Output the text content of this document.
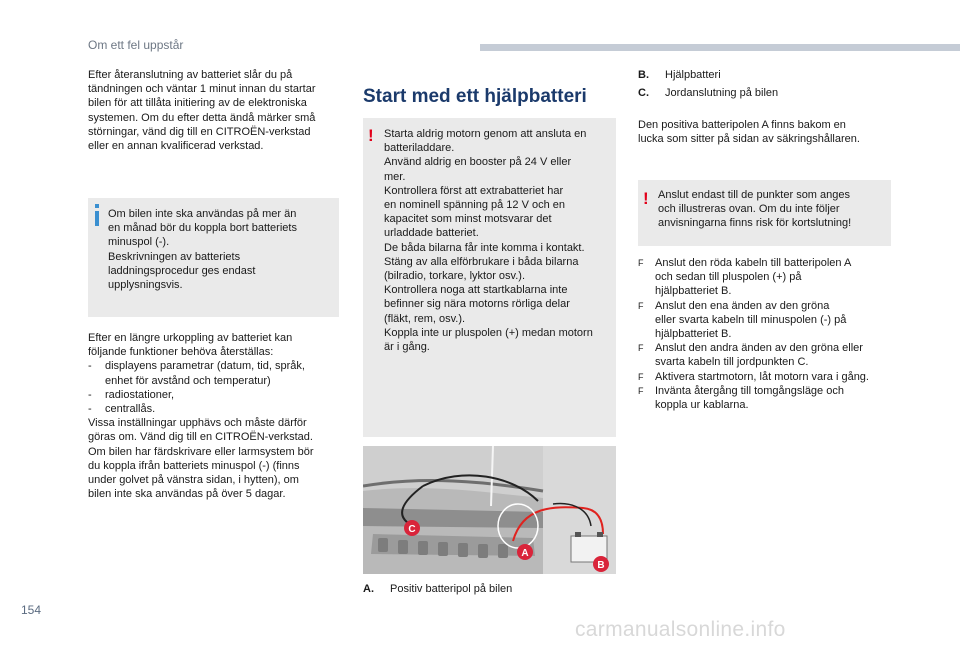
Om ett fel uppstår
Efter återanslutning av batteriet slår du på
tändningen och väntar 1 minut innan du startar
bilen för att tillåta initiering av de elektroniska
systemen. Om du efter detta ändå märker små
störningar, vänd dig till en CITROËN-verkstad
eller en annan kvalificerad verkstad.
Om bilen inte ska användas på mer än
en månad bör du koppla bort batteriets
minuspol (-).
Beskrivningen av batteriets
laddningsprocedur ges endast
upplysningsvis.
Efter en längre urkoppling av batteriet kan
följande funktioner behöva återställas:
-	displayens parametrar (datum, tid, språk,
enhet för avstånd och temperatur)
-	radiostationer,
-	centrallås.
Vissa inställningar upphävs och måste därför
göras om. Vänd dig till en CITROËN-verkstad.
Om bilen har färdskrivare eller larmsystem bör
du koppla ifrån batteriets minuspol (-) (finns
under golvet på vänstra sidan, i hytten), om
bilen inte ska användas på över 5 dagar.
Start med ett hjälpbatteri
! Starta aldrig motorn genom att ansluta en
batteriladdare.
Använd aldrig en booster på 24 V eller
mer.
Kontrollera först att extrabatteriet har
en nominell spänning på 12 V och en
kapacitet som minst motsvarar det
urladdade batteriet.
De båda bilarna får inte komma i kontakt.
Stäng av alla elförbrukare i båda bilarna
(bilradio, torkare, lyktor osv.).
Kontrollera noga att startkablarna inte
befinner sig nära motorns rörliga delar
(fläkt, rem, osv.).
Koppla inte ur pluspolen (+) medan motorn
är i gång.
C
A
B
A. Positiv batteripol på bilen
B. Hjälpbatteri
C. Jordanslutning på bilen
Den positiva batteripolen A finns bakom en
lucka som sitter på sidan av säkringshållaren.
! Anslut endast till de punkter som anges
och illustreras ovan. Om du inte följer
anvisningarna finns risk för kortslutning!
F	Anslut den röda kabeln till batteripolen A
och sedan till pluspolen (+) på
hjälpbatteriet B.
F	Anslut den ena änden av den gröna
eller svarta kabeln till minuspolen (-) på
hjälpbatteriet B.
F	Anslut den andra änden av den gröna eller
svarta kabeln till jordpunkten C.
F	Aktivera startmotorn, låt motorn vara i gång.
F	Invänta återgång till tomgångsläge och
koppla ur kablarna.
154
carmanualsonline.info
